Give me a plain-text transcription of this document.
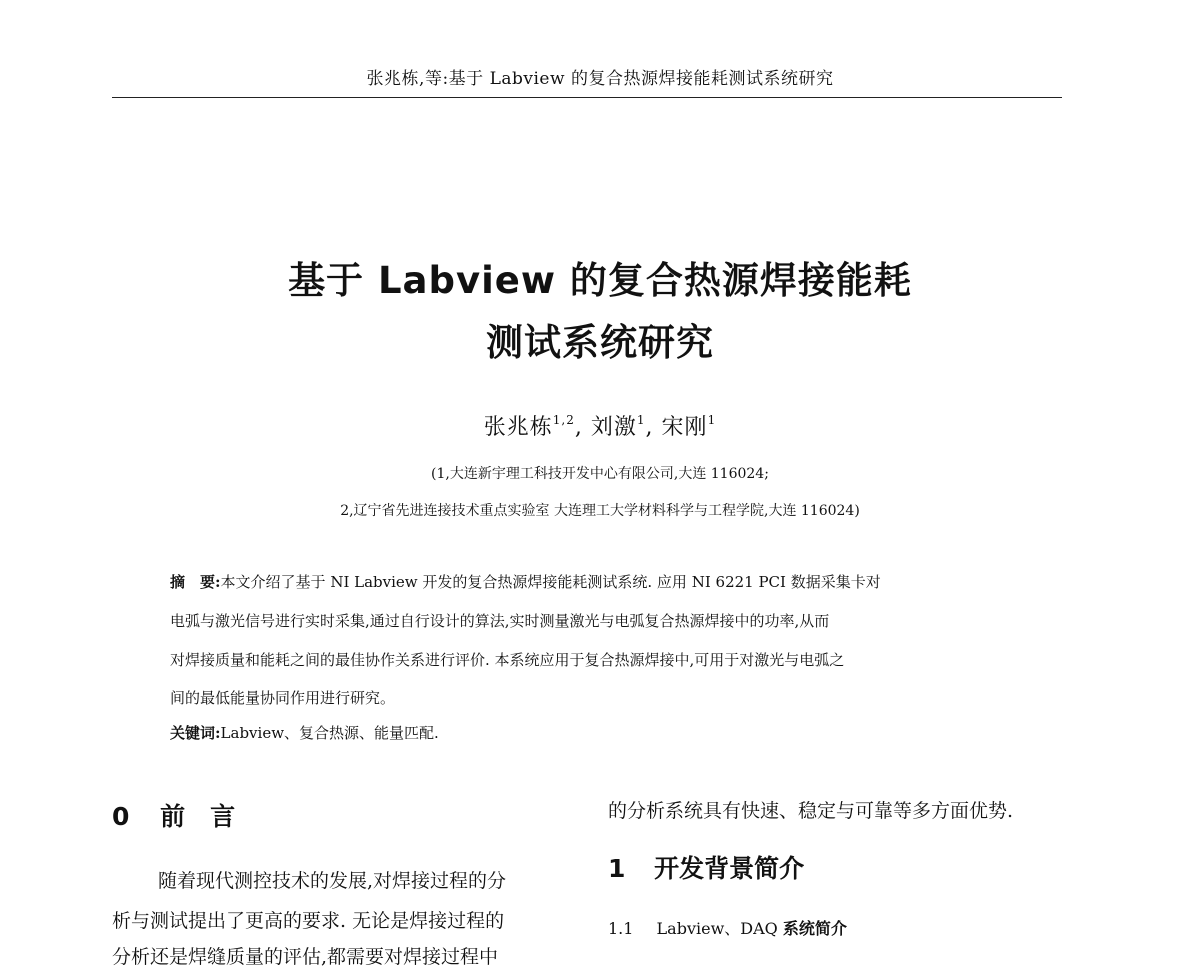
张兆栋,等:基于 Labview 的复合热源焊接能耗测试系统研究
基于 Labview 的复合热源焊接能耗
测试系统研究
张兆栋$^{1,2}$, 刘激$^1$, 宋刚$^1$
(1,大连新宇理工科技开发中心有限公司,大连 116024;
2,辽宁省先进连接技术重点实验室 大连理工大学材料科学与工程学院,大连 116024)
摘　要:本文介绍了基于 NI Labview 开发的复合热源焊接能耗测试系统. 应用 NI 6221 PCI 数据采集卡对
电弧与激光信号进行实时采集,通过自行设计的算法,实时测量激光与电弧复合热源焊接中的功率,从而
对焊接质量和能耗之间的最佳协作关系进行评价. 本系统应用于复合热源焊接中,可用于对激光与电弧之
间的最低能量协同作用进行研究。
关键词:Labview、复合热源、能量匹配.
0 前　言
随着现代测控技术的发展,对焊接过程的分
析与测试提出了更高的要求. 无论是焊接过程的
分析还是焊缝质量的评估,都需要对焊接过程中
的分析系统具有快速、稳定与可靠等多方面优势.
1 开发背景简介
1.1 Labview、DAQ 系统简介
